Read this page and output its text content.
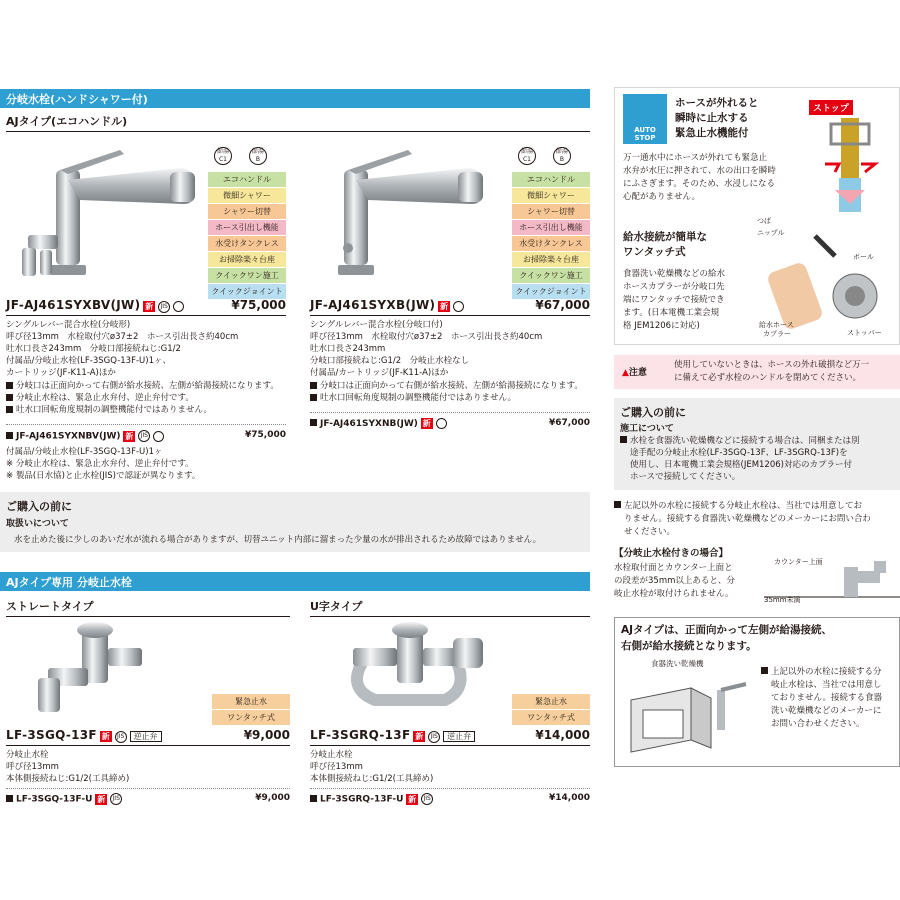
分岐水栓(ハンドシャワー付)
AJタイプ(エコハンドル)
節湯 C1 節湯 B
エコハンドル
微細シャワー
シャワー切替
ホース引出し機能
水受けタンクレス
お掃除楽々台座
クイックワン施工
クイックジョイント
JF-AJ461SYXBV(JW) 新 JIS	¥75,000
シングルレバー混合水栓(分岐形)
呼び径13mm　水栓取付穴ø37±2　ホース引出長さ約40cm
吐水口長さ243mm　分岐口部接続ねじ:G1/2
付属品/分岐止水栓(LF-3SGQ-13F-U)1ヶ、
カートリッジ(JF-K11-A)ほか
分岐口は正面向かって右側が給水接続、左側が給湯接続になります。
分岐止水栓は、緊急止水弁付、逆止弁付です。
吐水口回転角度規制の調整機能付ではありません。
JF-AJ461SYXNBV(JW) 新 JIS	¥75,000
付属品/分岐止水栓(LF-3SGQ-13F-U)1ヶ
※ 分岐止水栓は、緊急止水弁付、逆止弁付です。
※ 製品(日水協)と止水栓(JIS)で認証が異なります。
節湯 C1 節湯 B
エコハンドル
微細シャワー
シャワー切替
ホース引出し機能
水受けタンクレス
お掃除楽々台座
クイックワン施工
クイックジョイント
JF-AJ461SYXB(JW) 新	¥67,000
シングルレバー混合水栓(分岐口付)
呼び径13mm　水栓取付穴ø37±2　ホース引出長さ約40cm
吐水口長さ243mm
分岐口部接続ねじ:G1/2　分岐止水栓なし
付属品/カートリッジ(JF-K11-A)ほか
分岐口は正面向かって右側が給水接続、左側が給湯接続になります。
吐水口回転角度規制の調整機能付ではありません。
JF-AJ461SYXNB(JW) 新	¥67,000
ご購入の前に
取扱いについて
水を止めた後に少しのあいだ水が流れる場合がありますが、切替ユニット内部に溜まった少量の水が排出されるため故障ではありません。
AJタイプ専用 分岐止水栓
ストレートタイプ
緊急止水
ワンタッチ式
LF-3SGQ-13F 新 JIS 逆止弁	¥9,000
分岐止水栓
呼び径13mm
本体側接続ねじ:G1/2(工具締め)
LF-3SGQ-13F-U 新 JIS	¥9,000
U字タイプ
緊急止水
ワンタッチ式
LF-3SGRQ-13F 新 JIS 逆止弁	¥14,000
分岐止水栓
呼び径13mm
本体側接続ねじ:G1/2(工具締め)
LF-3SGRQ-13F-U 新 JIS	¥14,000
AUTO STOP
ホースが外れると
瞬時に止水する
緊急止水機能付
ストップ
万一通水中にホースが外れても緊急止
水弁が水圧に押されて、水の出口を瞬時
にふさぎます。そのため、水浸しになる
心配がありません。
給水接続が簡単な
ワンタッチ式
食器洗い乾燥機などの給水
ホースカプラーが分岐口先
端にワンタッチで接続でき
ます。(日本電機工業会規
格 JEM1206に対応)
つば
ニップル
ボール
給水ホース
カプラー	ストッパー
▲注意
使用していないときは、ホースの外れ破損など万一
に備えて必ず水栓のハンドルを閉めてください。
ご購入の前に
施工について
水栓を食器洗い乾燥機などに接続する場合は、同梱または別
途手配の分岐止水栓(LF-3SGQ-13F、LF-3SGRQ-13F)を
使用し、日本電機工業会規格(JEM1206)対応のカプラー付
ホースで接続してください。
左記以外の水栓に接続する分岐止水栓は、当社では用意してお
りません。接続する食器洗い乾燥機などのメーカーにお問い合わ
せください。
【分岐止水栓付きの場合】
水栓取付面とカウンター上面と
の段差が35mm以上あると、分
岐止水栓が取付けられません。
カウンター上面
35mm未満
AJタイプは、正面向かって左側が給湯接続、
右側が給水接続となります。
食器洗い乾燥機
上記以外の水栓に接続する分
岐止水栓は、当社では用意し
ておりません。接続する食器
洗い乾燥機などのメーカーに
お問い合わせください。
